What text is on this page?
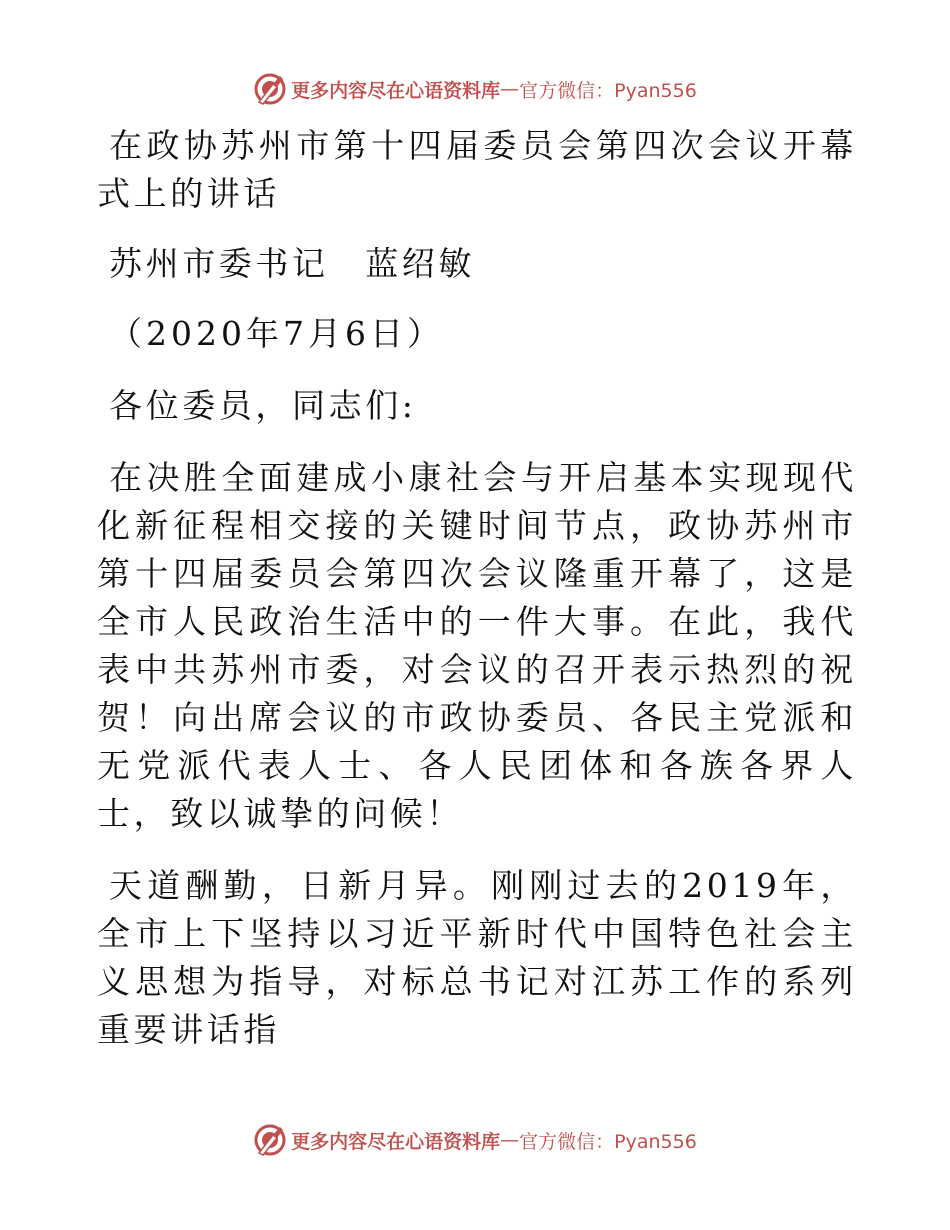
更多内容尽在心语资料库 — 官方微信：Pyan556

在政协苏州市第十四届委员会第四次会议开幕式上的讲话

苏州市委书记　蓝绍敏

（2020年7月6日）

各位委员，同志们:

在决胜全面建成小康社会与开启基本实现现代化新征程相交接的关键时间节点，政协苏州市第十四届委员会第四次会议隆重开幕了，这是全市人民政治生活中的一件大事。在此，我代表中共苏州市委，对会议的召开表示热烈的祝贺！向出席会议的市政协委员、各民主党派和无党派代表人士、各人民团体和各族各界人士，致以诚挚的问候！

天道酬勤，日新月异。刚刚过去的2019年，全市上下坚持以习近平新时代中国特色社会主义思想为指导，对标总书记对江苏工作的系列重要讲话指

更多内容尽在心语资料库 — 官方微信：Pyan556
